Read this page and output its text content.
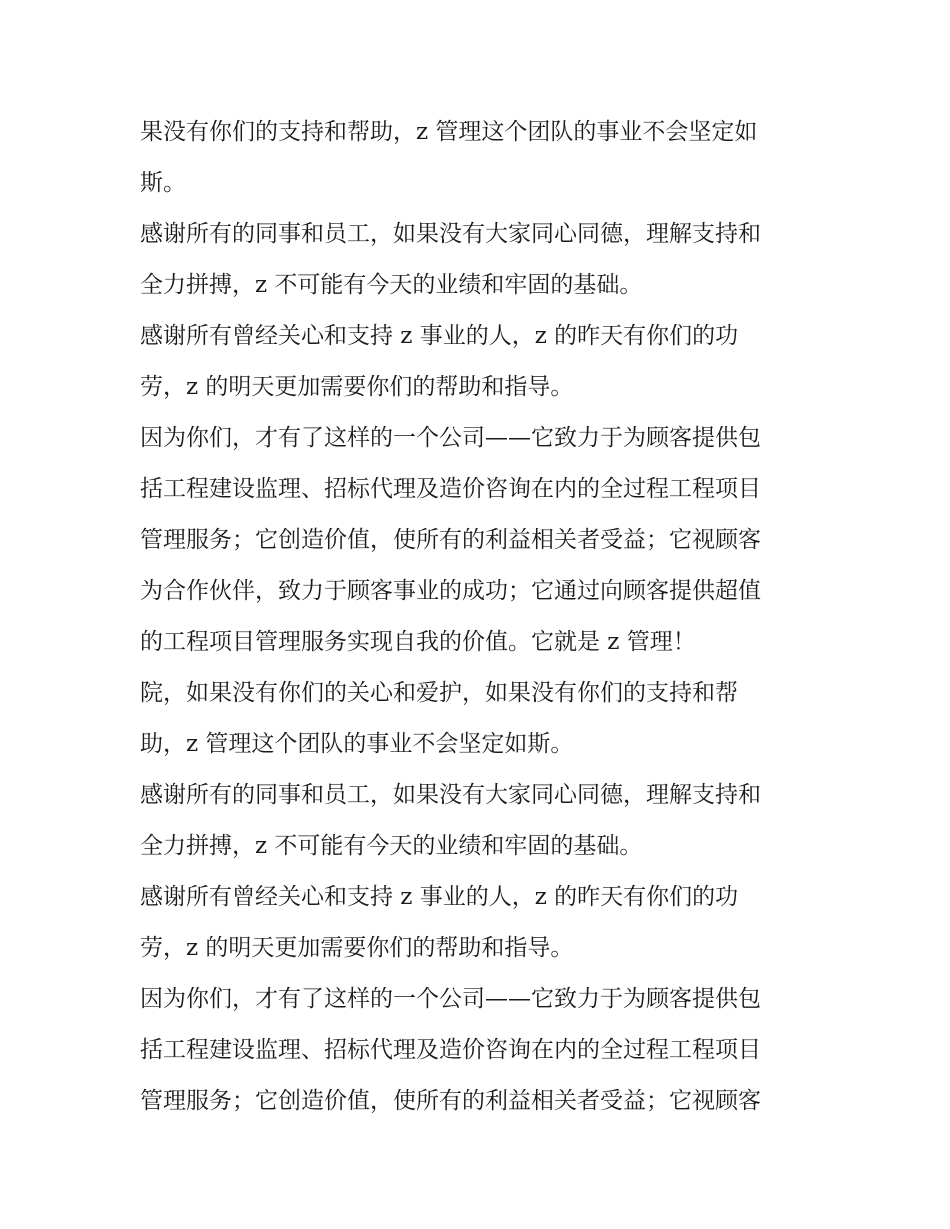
果没有你们的支持和帮助，z 管理这个团队的事业不会坚定如
斯。
感谢所有的同事和员工，如果没有大家同心同德，理解支持和
全力拼搏，z 不可能有今天的业绩和牢固的基础。
感谢所有曾经关心和支持 z 事业的人，z 的昨天有你们的功
劳，z 的明天更加需要你们的帮助和指导。
因为你们，才有了这样的一个公司——它致力于为顾客提供包
括工程建设监理、招标代理及造价咨询在内的全过程工程项目
管理服务；它创造价值，使所有的利益相关者受益；它视顾客
为合作伙伴，致力于顾客事业的成功；它通过向顾客提供超值
的工程项目管理服务实现自我的价值。它就是 z 管理！
院，如果没有你们的关心和爱护，如果没有你们的支持和帮
助，z 管理这个团队的事业不会坚定如斯。
感谢所有的同事和员工，如果没有大家同心同德，理解支持和
全力拼搏，z 不可能有今天的业绩和牢固的基础。
感谢所有曾经关心和支持 z 事业的人，z 的昨天有你们的功
劳，z 的明天更加需要你们的帮助和指导。
因为你们，才有了这样的一个公司——它致力于为顾客提供包
括工程建设监理、招标代理及造价咨询在内的全过程工程项目
管理服务；它创造价值，使所有的利益相关者受益；它视顾客
